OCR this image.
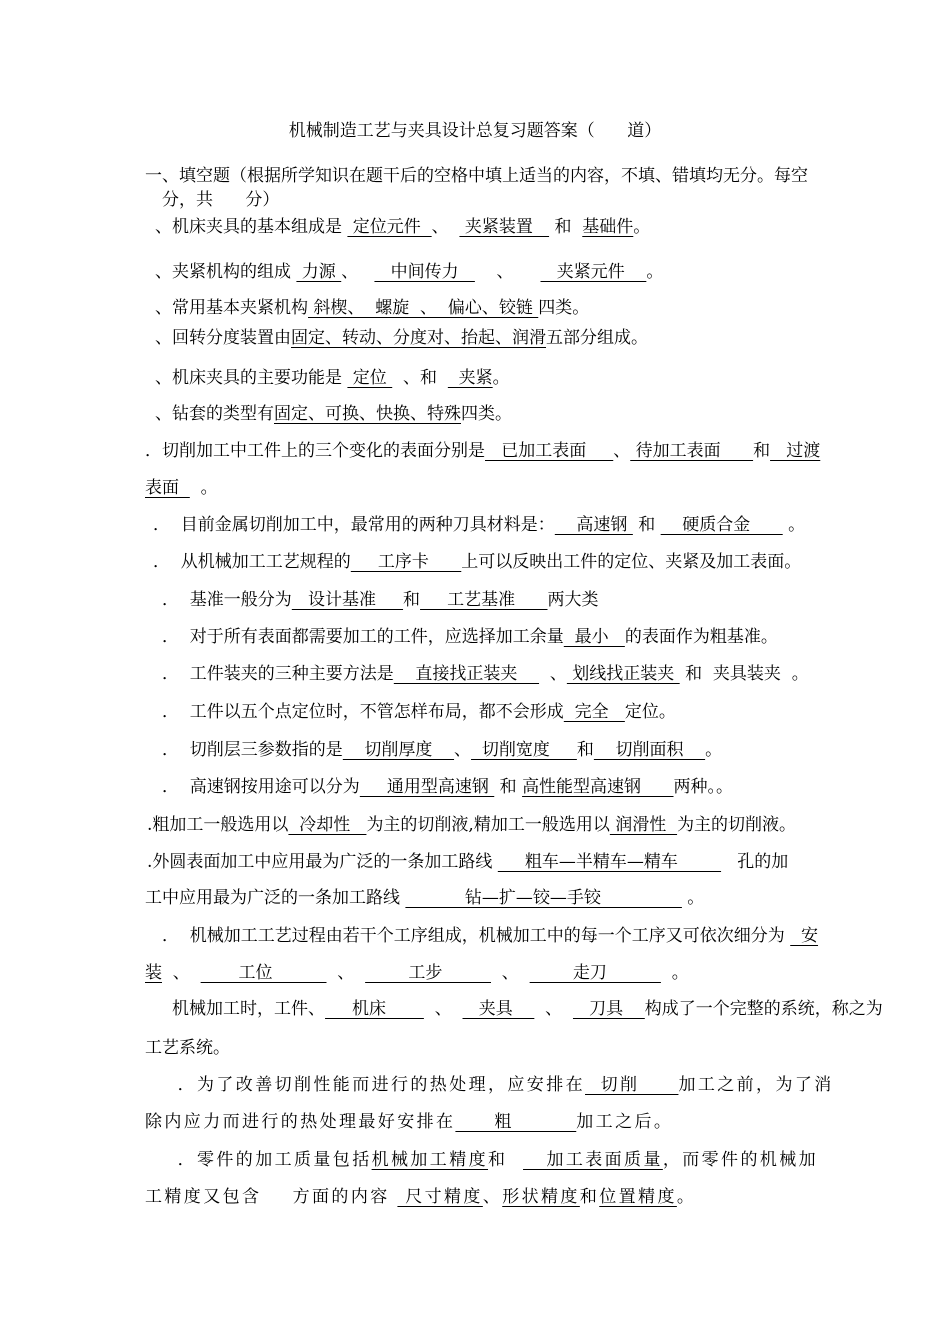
机械制造工艺与夹具设计总复习题答案（      道）
一、填空题（根据所学知识在题干后的空格中填上适当的内容，不填、错填均无分。每空
分，共      分）
、机床夹具的基本组成是  定位元件  、   夹紧装置    和  基础件。
、夹紧机构的组成  力源 、      中间传力       、        夹紧元件    。
、常用基本夹紧机构 斜楔、  螺旋  、  偏心、铰链 四类。
、回转分度装置由固定、转动、分度对、抬起、润滑五部分组成。
、机床夹具的主要功能是  定位   、和    夹紧。
、钻套的类型有固定、可换、快换、特殊四类。
．切削加工中工件上的三个变化的表面分别是   已加工表面     、 待加工表面      和   过渡
表面    。
．  目前金属切削加工中，最常用的两种刀具材料是：    高速钢  和     硬质合金       。
．  从机械加工工艺规程的     工序卡      上可以反映出工件的定位、夹紧及加工表面。
．  基准一般分为   设计基准     和     工艺基准      两大类
．  对于所有表面都需要加工的工件，应选择加工余量  最小   的表面作为粗基准。
．  工件装夹的三种主要方法是    直接找正装夹      、 划线找正装夹  和  夹具装夹  。
．  工件以五个点定位时，不管怎样布局，都不会形成  完全   定位。
．  切削层三参数指的是    切削厚度    、  切削宽度     和    切削面积    。
．  高速钢按用途可以分为     通用型高速钢  和 高性能型高速钢      两种。。
.粗加工一般选用以  冷却性   为主的切削液,精加工一般选用以 润滑性  为主的切削液。
.外圆表面加工中应用最为广泛的一条加工路线      粗车—半精车—精车           孔的加
工中应用最为广泛的一条加工路线            钻—扩—铰—手铰                。
．  机械加工工艺过程由若干个工序组成，机械加工中的每一个工序又可依次细分为   安
装  、         工位            、          工步           、          走刀            。
机械加工时，工件、     机床         、     夹具      、     刀具    构成了一个完整的系统，称之为
工艺系统。
．为了改善切削性能而进行的热处理，应安排在  切削     加工之前，为了消
除内应力而进行的热处理最好安排在     粗        加工之后。
．零件的加工质量包括机械加工精度和     加工表面质量，而零件的机械加
工精度又包含    方面的内容  尺寸精度、形状精度和位置精度。
